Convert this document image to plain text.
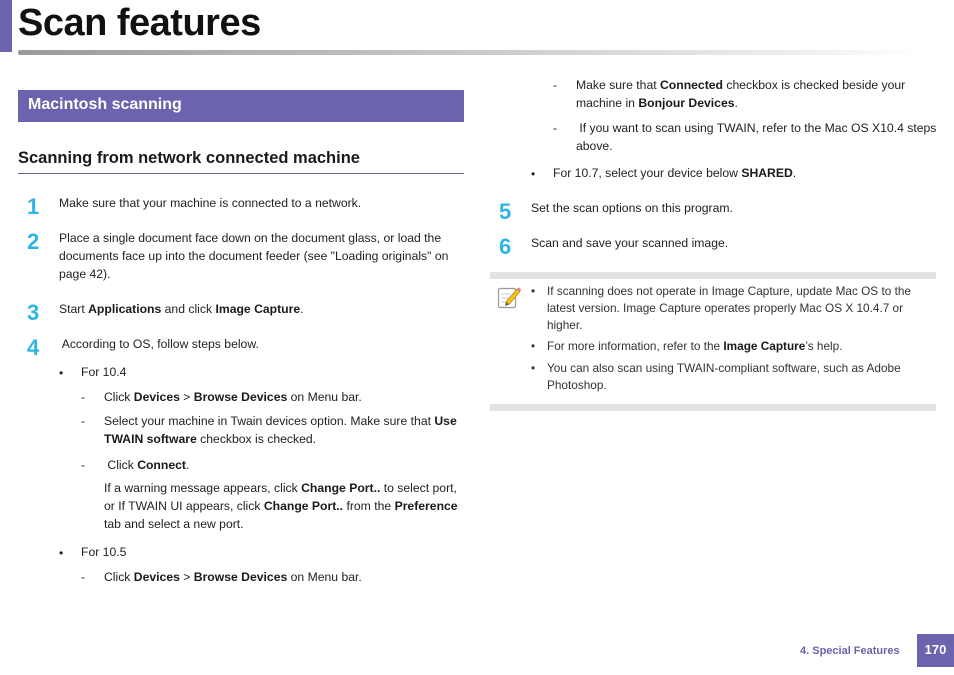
Scan features
Macintosh scanning
Scanning from network connected machine
1 Make sure that your machine is connected to a network.
2 Place a single document face down on the document glass, or load the documents face up into the document feeder (see "Loading originals" on page 42).
3 Start Applications and click Image Capture.
4 According to OS, follow steps below.
• For 10.4
- Click Devices > Browse Devices on Menu bar.
- Select your machine in Twain devices option. Make sure that Use TWAIN software checkbox is checked.
- Click Connect.
If a warning message appears, click Change Port.. to select port, or If TWAIN UI appears, click Change Port.. from the Preference tab and select a new port.
• For 10.5
- Click Devices > Browse Devices on Menu bar.
- Make sure that Connected checkbox is checked beside your machine in Bonjour Devices.
- If you want to scan using TWAIN, refer to the Mac OS X10.4 steps above.
• For 10.7, select your device below SHARED.
5 Set the scan options on this program.
6 Scan and save your scanned image.
• If scanning does not operate in Image Capture, update Mac OS to the latest version. Image Capture operates properly Mac OS X 10.4.7 or higher.
• For more information, refer to the Image Capture’s help.
• You can also scan using TWAIN-compliant software, such as Adobe Photoshop.
4. Special Features	170
